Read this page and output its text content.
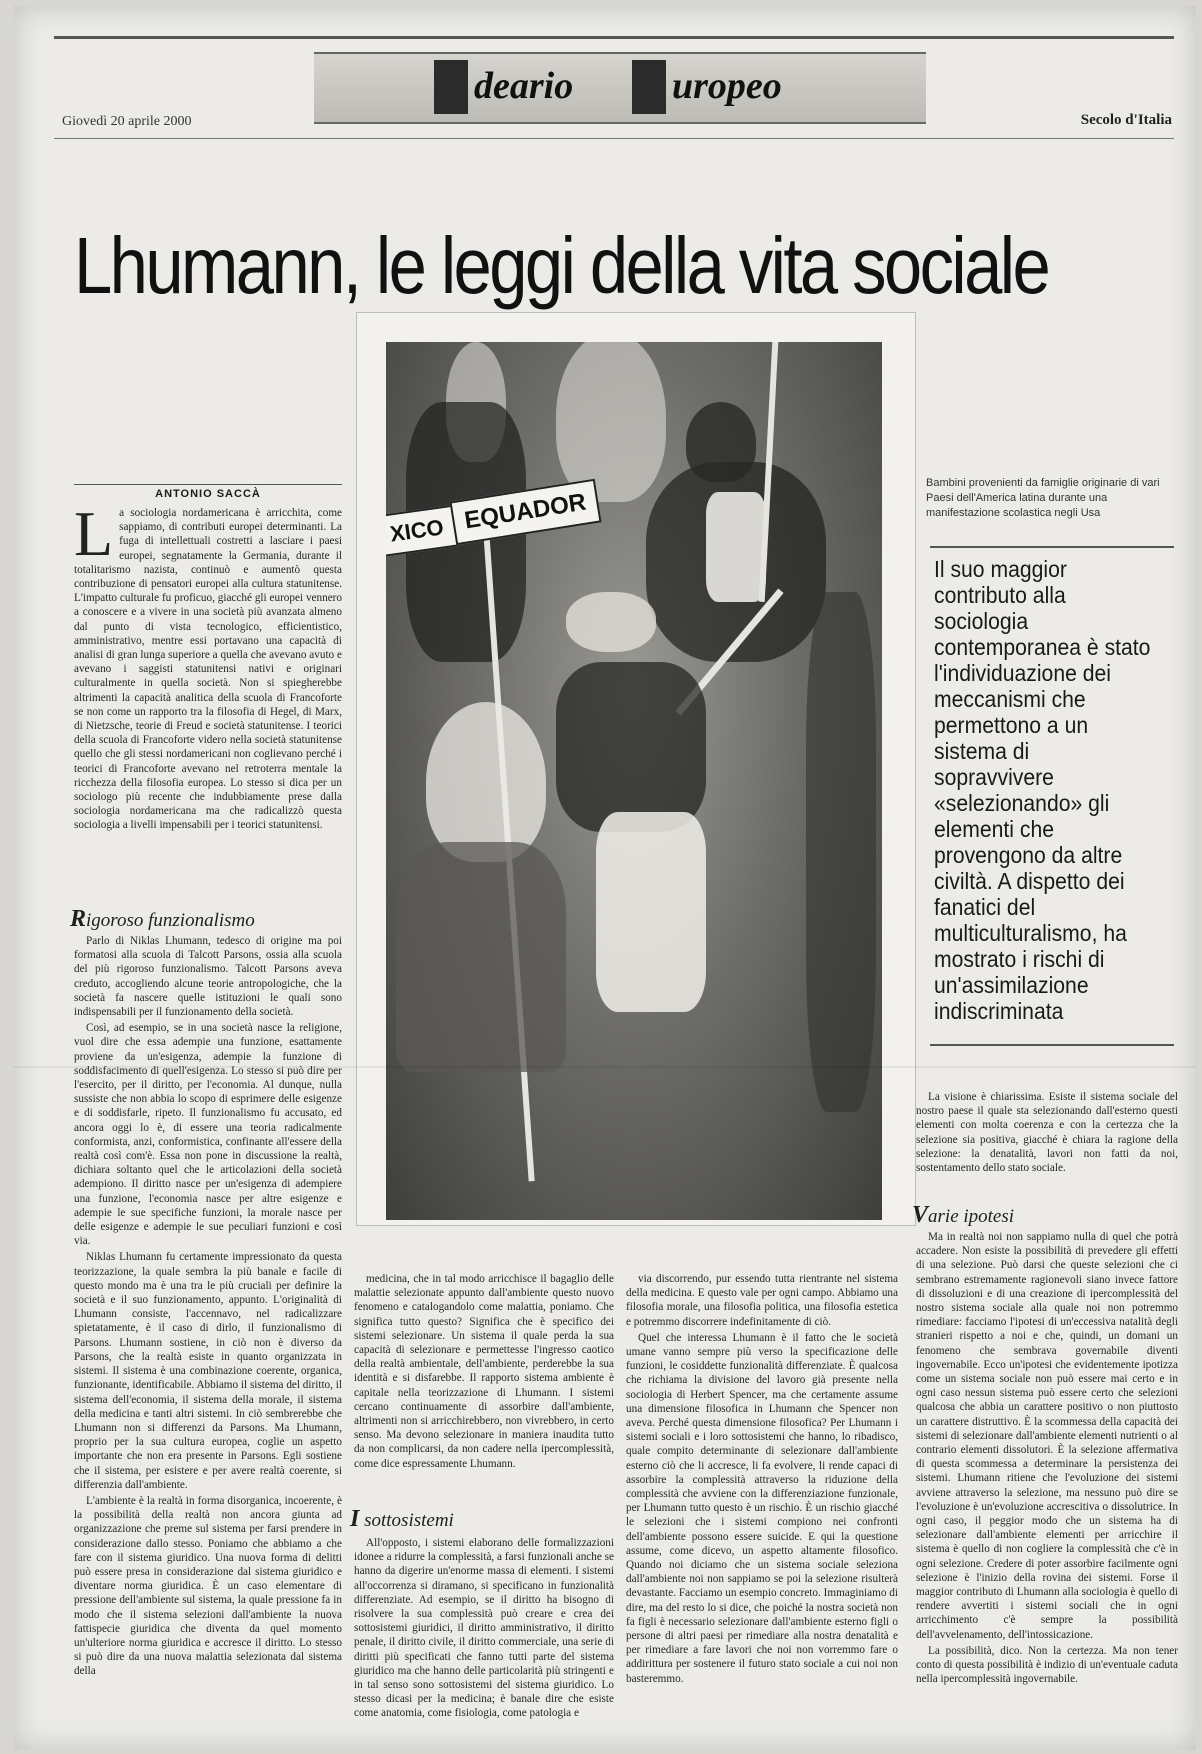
deario	uropeo
Giovedì 20 aprile 2000	Secolo d'Italia
Lhumann, le leggi della vita sociale
XICO EQUADOR
Bambini provenienti da famiglie originarie di vari Paesi dell'America latina durante una manifestazione scolastica negli Usa
Il suo maggior contributo alla sociologia contemporanea è stato l'individuazione dei meccanismi che permettono a un sistema di sopravvivere «selezionando» gli elementi che provengono da altre civiltà. A dispetto dei fanatici del multiculturalismo, ha mostrato i rischi di un'assimilazione indiscriminata
ANTONIO SACCÀ
L a sociologia nordamericana è arricchita, come sappiamo, di contributi europei determinanti. La fuga di intellettuali costretti a lasciare i paesi europei, segnatamente la Germania, durante il totalitarismo nazista, continuò e aumentò questa contribuzione di pensatori europei alla cultura statunitense. L'impatto culturale fu proficuo, giacché gli europei vennero a conoscere e a vivere in una società più avanzata almeno dal punto di vista tecnologico, efficientistico, amministrativo, mentre essi portavano una capacità di analisi di gran lunga superiore a quella che avevano avuto e avevano i saggisti statunitensi nativi e originari culturalmente in quella società. Non si spiegherebbe altrimenti la capacità analitica della scuola di Francoforte se non come un rapporto tra la filosofia di Hegel, di Marx, di Nietzsche, teorie di Freud e società statunitense. I teorici della scuola di Francoforte videro nella società statunitense quello che gli stessi nordamericani non coglievano perché i teorici di Francoforte avevano nel retroterra mentale la ricchezza della filosofia europea. Lo stesso si dica per un sociologo più recente che indubbiamente prese dalla sociologia nordamericana ma che radicalizzò questa sociologia a livelli impensabili per i teorici statunitensi.
Rigoroso funzionalismo

Parlo di Niklas Lhumann, tedesco di origine ma poi formatosi alla scuola di Talcott Parsons, ossia alla scuola del più rigoroso funzionalismo. Talcott Parsons aveva creduto, accogliendo alcune teorie antropologiche, che la società fa nascere quelle istituzioni le quali sono indispensabili per il funzionamento della società.

Così, ad esempio, se in una società nasce la religione, vuol dire che essa adempie una funzione, esattamente proviene da un'esigenza, adempie la funzione di soddisfacimento di quell'esigenza. Lo stesso si può dire per l'esercito, per il diritto, per l'economia. Al dunque, nulla sussiste che non abbia lo scopo di esprimere delle esigenze e di soddisfarle, ripeto. Il funzionalismo fu accusato, ed ancora oggi lo è, di essere una teoria radicalmente conformista, anzi, conformistica, confinante all'essere della realtà così com'è. Essa non pone in discussione la realtà, dichiara soltanto quel che le articolazioni della società adempiono. Il diritto nasce per un'esigenza di adempiere una funzione, l'economia nasce per altre esigenze e adempie le sue specifiche funzioni, la morale nasce per delle esigenze e adempie le sue peculiari funzioni e così via.

Niklas Lhumann fu certamente impressionato da questa teorizzazione, la quale sembra la più banale e facile di questo mondo ma è una tra le più cruciali per definire la società e il suo funzionamento, appunto. L'originalità di Lhumann consiste, l'accennavo, nel radicalizzare spietatamente, è il caso di dirlo, il funzionalismo di Parsons. Lhumann sostiene, in ciò non è diverso da Parsons, che la realtà esiste in quanto organizzata in sistemi. Il sistema è una combinazione coerente, organica, funzionante, identificabile. Abbiamo il sistema del diritto, il sistema dell'economia, il sistema della morale, il sistema della medicina e tanti altri sistemi. In ciò sembrerebbe che Lhumann non si differenzi da Parsons. Ma Lhumann, proprio per la sua cultura europea, coglie un aspetto importante che non era presente in Parsons. Egli sostiene che il sistema, per esistere e per avere realtà coerente, si differenzia dall'ambiente.

L'ambiente è la realtà in forma disorganica, incoerente, è la possibilità della realtà non ancora giunta ad organizzazione che preme sul sistema per farsi prendere in considerazione dallo stesso. Poniamo che abbiamo a che fare con il sistema giuridico. Una nuova forma di delitti può essere presa in considerazione dal sistema giuridico e diventare norma giuridica. È un caso elementare di pressione dell'ambiente sul sistema, la quale pressione fa in modo che il sistema selezioni dall'ambiente la nuova fattispecie giuridica che diventa da quel momento un'ulteriore norma giuridica e accresce il diritto. Lo stesso si può dire da una nuova malattia selezionata dal sistema della

medicina, che in tal modo arricchisce il bagaglio delle malattie selezionate appunto dall'ambiente questo nuovo fenomeno e catalogandolo come malattia, poniamo. Che significa tutto questo? Significa che è specifico dei sistemi selezionare. Un sistema il quale perda la sua capacità di selezionare e permettesse l'ingresso caotico della realtà ambientale, dell'ambiente, perderebbe la sua identità e si disfarebbe. Il rapporto sistema ambiente è capitale nella teorizzazione di Lhumann. I sistemi cercano continuamente di assorbire dall'ambiente, altrimenti non si arricchirebbero, non vivrebbero, in certo senso. Ma devono selezionare in maniera inaudita tutto da non complicarsi, da non cadere nella ipercomplessità, come dice espressamente Lhumann.

I sottosistemi

All'opposto, i sistemi elaborano delle formalizzazioni idonee a ridurre la complessità, a farsi funzionali anche se hanno da digerire un'enorme massa di elementi. I sistemi all'occorrenza si diramano, si specificano in funzionalità differenziate. Ad esempio, se il diritto ha bisogno di risolvere la sua complessità può creare e crea dei sottosistemi giuridici, il diritto amministrativo, il diritto penale, il diritto civile, il diritto commerciale, una serie di diritti più specificati che fanno tutti parte del sistema giuridico ma che hanno delle particolarità più stringenti e in tal senso sono sottosistemi del sistema giuridico. Lo stesso dicasi per la medicina; è banale dire che esiste come anatomia, come fisiologia, come patologia e

via discorrendo, pur essendo tutta rientrante nel sistema della medicina. E questo vale per ogni campo. Abbiamo una filosofia morale, una filosofia politica, una filosofia estetica e potremmo discorrere indefinitamente di ciò.

Quel che interessa Lhumann è il fatto che le società umane vanno sempre più verso la specificazione delle funzioni, le cosiddette funzionalità differenziate. È qualcosa che richiama la divisione del lavoro già presente nella sociologia di Herbert Spencer, ma che certamente assume una dimensione filosofica in Lhumann che Spencer non aveva. Perché questa dimensione filosofica? Per Lhumann i sistemi sociali e i loro sottosistemi che hanno, lo ribadisco, quale compito determinante di selezionare dall'ambiente esterno ciò che li accresce, li fa evolvere, li rende capaci di assorbire la complessità attraverso la riduzione della complessità che avviene con la differenziazione funzionale, per Lhumann tutto questo è un rischio. È un rischio giacché le selezioni che i sistemi compiono nei confronti dell'ambiente possono essere suicide. E qui la questione assume, come dicevo, un aspetto altamente filosofico. Quando noi diciamo che un sistema sociale seleziona dall'ambiente noi non sappiamo se poi la selezione risulterà devastante. Facciamo un esempio concreto. Immaginiamo di dire, ma del resto lo si dice, che poiché la nostra società non fa figli è necessario selezionare dall'ambiente esterno figli o persone di altri paesi per rimediare alla nostra denatalità e per rimediare a fare lavori che noi non vorremmo fare o addirittura per sostenere il futuro stato sociale a cui noi non basteremmo.

La visione è chiarissima. Esiste il sistema sociale del nostro paese il quale sta selezionando dall'esterno questi elementi con molta coerenza e con la certezza che la selezione sia positiva, giacché è chiara la ragione della selezione: la denatalità, lavori non fatti da noi, sostentamento dello stato sociale.

Varie ipotesi

Ma in realtà noi non sappiamo nulla di quel che potrà accadere. Non esiste la possibilità di prevedere gli effetti di una selezione. Può darsi che queste selezioni che ci sembrano estremamente ragionevoli siano invece fattore di dissoluzioni e di una creazione di ipercomplessità del nostro sistema sociale alla quale noi non potremmo rimediare: facciamo l'ipotesi di un'eccessiva natalità degli stranieri rispetto a noi e che, quindi, un domani un fenomeno che sembrava governabile diventi ingovernabile. Ecco un'ipotesi che evidentemente ipotizza come un sistema sociale non può essere mai certo e in ogni caso nessun sistema può essere certo che selezioni qualcosa che abbia un carattere positivo o non piuttosto un carattere distruttivo. È la scommessa della capacità dei sistemi di selezionare dall'ambiente elementi nutrienti o al contrario elementi dissolutori. È la selezione affermativa di questa scommessa a determinare la persistenza dei sistemi. Lhumann ritiene che l'evoluzione dei sistemi avviene attraverso la selezione, ma nessuno può dire se l'evoluzione è un'evoluzione accrescitiva o dissolutrice. In ogni caso, il peggior modo che un sistema ha di selezionare dall'ambiente elementi per arricchire il sistema è quello di non cogliere la complessità che c'è in ogni selezione. Credere di poter assorbire facilmente ogni selezione è l'inizio della rovina dei sistemi. Forse il maggior contributo di Lhumann alla sociologia è quello di rendere avvertiti i sistemi sociali che in ogni arricchimento c'è sempre la possibilità dell'avvelenamento, dell'intossicazione.

La possibilità, dico. Non la certezza. Ma non tener conto di questa possibilità è indizio di un'eventuale caduta nella ipercomplessità ingovernabile.
